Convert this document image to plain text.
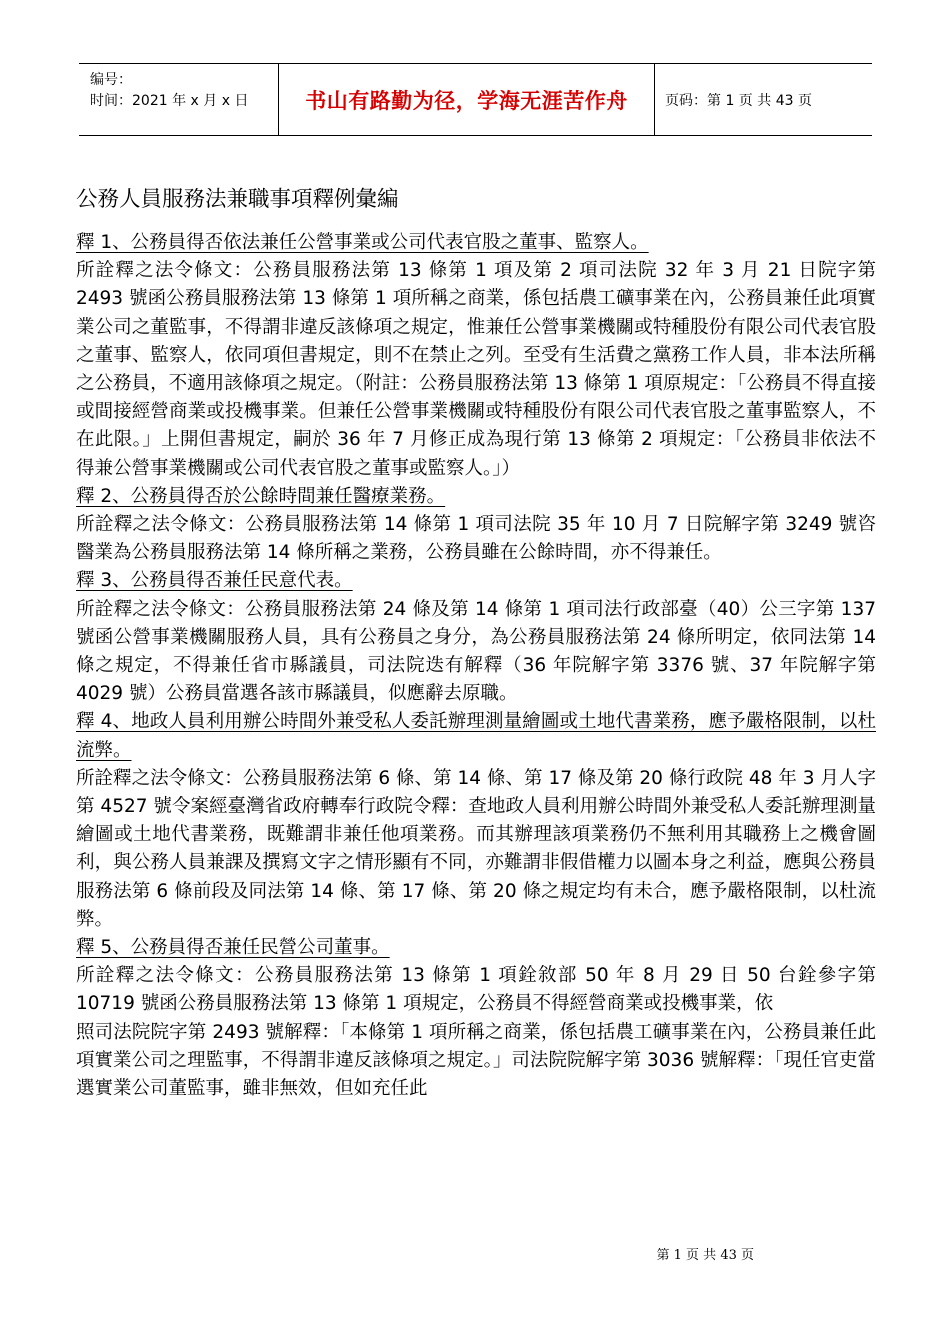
编号：
时间：2021 年 x 月 x 日	书山有路勤为径，学海无涯苦作舟	页码：第 1 页 共 43 页
公務人員服務法兼職事項釋例彙編

釋 1、公務員得否依法兼任公營事業或公司代表官股之董事、監察人。

所詮釋之法令條文：公務員服務法第 13 條第 1 項及第 2 項司法院 32 年 3 月 21 日院字第 2493 號函公務員服務法第 13 條第 1 項所稱之商業，係包括農工礦事業在內，公務員兼任此項實業公司之董監事，不得謂非違反該條項之規定，惟兼任公營事業機關或特種股份有限公司代表官股之董事、監察人，依同項但書規定，則不在禁止之列。至受有生活費之黨務工作人員，非本法所稱之公務員，不適用該條項之規定。（附註：公務員服務法第 13 條第 1 項原規定：「公務員不得直接或間接經營商業或投機事業。但兼任公營事業機關或特種股份有限公司代表官股之董事監察人，不在此限。」上開但書規定，嗣於 36 年 7 月修正成為現行第 13 條第 2 項規定：「公務員非依法不得兼公營事業機關或公司代表官股之董事或監察人。」）

釋 2、公務員得否於公餘時間兼任醫療業務。

所詮釋之法令條文：公務員服務法第 14 條第 1 項司法院 35 年 10 月 7 日院解字第 3249 號咨醫業為公務員服務法第 14 條所稱之業務，公務員雖在公餘時間，亦不得兼任。

釋 3、公務員得否兼任民意代表。

所詮釋之法令條文：公務員服務法第 24 條及第 14 條第 1 項司法行政部臺（40）公三字第 137 號函公營事業機關服務人員，具有公務員之身分，為公務員服務法第 24 條所明定，依同法第 14 條之規定，不得兼任省市縣議員，司法院迭有解釋（36 年院解字第 3376 號、37 年院解字第 4029 號）公務員當選各該市縣議員，似應辭去原職。

釋 4、地政人員利用辦公時間外兼受私人委託辦理測量繪圖或土地代書業務，應予嚴格限制，以杜流弊。

所詮釋之法令條文：公務員服務法第 6 條、第 14 條、第 17 條及第 20 條行政院 48 年 3 月人字第 4527 號令案經臺灣省政府轉奉行政院令釋：查地政人員利用辦公時間外兼受私人委託辦理測量繪圖或土地代書業務，既難謂非兼任他項業務。而其辦理該項業務仍不無利用其職務上之機會圖利，與公務人員兼課及撰寫文字之情形顯有不同，亦難謂非假借權力以圖本身之利益，應與公務員服務法第 6 條前段及同法第 14 條、第 17 條、第 20 條之規定均有未合，應予嚴格限制，以杜流弊。

釋 5、公務員得否兼任民營公司董事。

所詮釋之法令條文：公務員服務法第 13 條第 1 項銓敘部 50 年 8 月 29 日 50 台銓參字第 10719 號函公務員服務法第 13 條第 1 項規定，公務員不得經營商業或投機事業，依

照司法院院字第 2493 號解釋：「本條第 1 項所稱之商業，係包括農工礦事業在內，公務員兼任此項實業公司之理監事，不得謂非違反該條項之規定。」司法院院解字第 3036 號解釋：「現任官吏當選實業公司董監事，雖非無效，但如充任此

第 1 页 共 43 页
